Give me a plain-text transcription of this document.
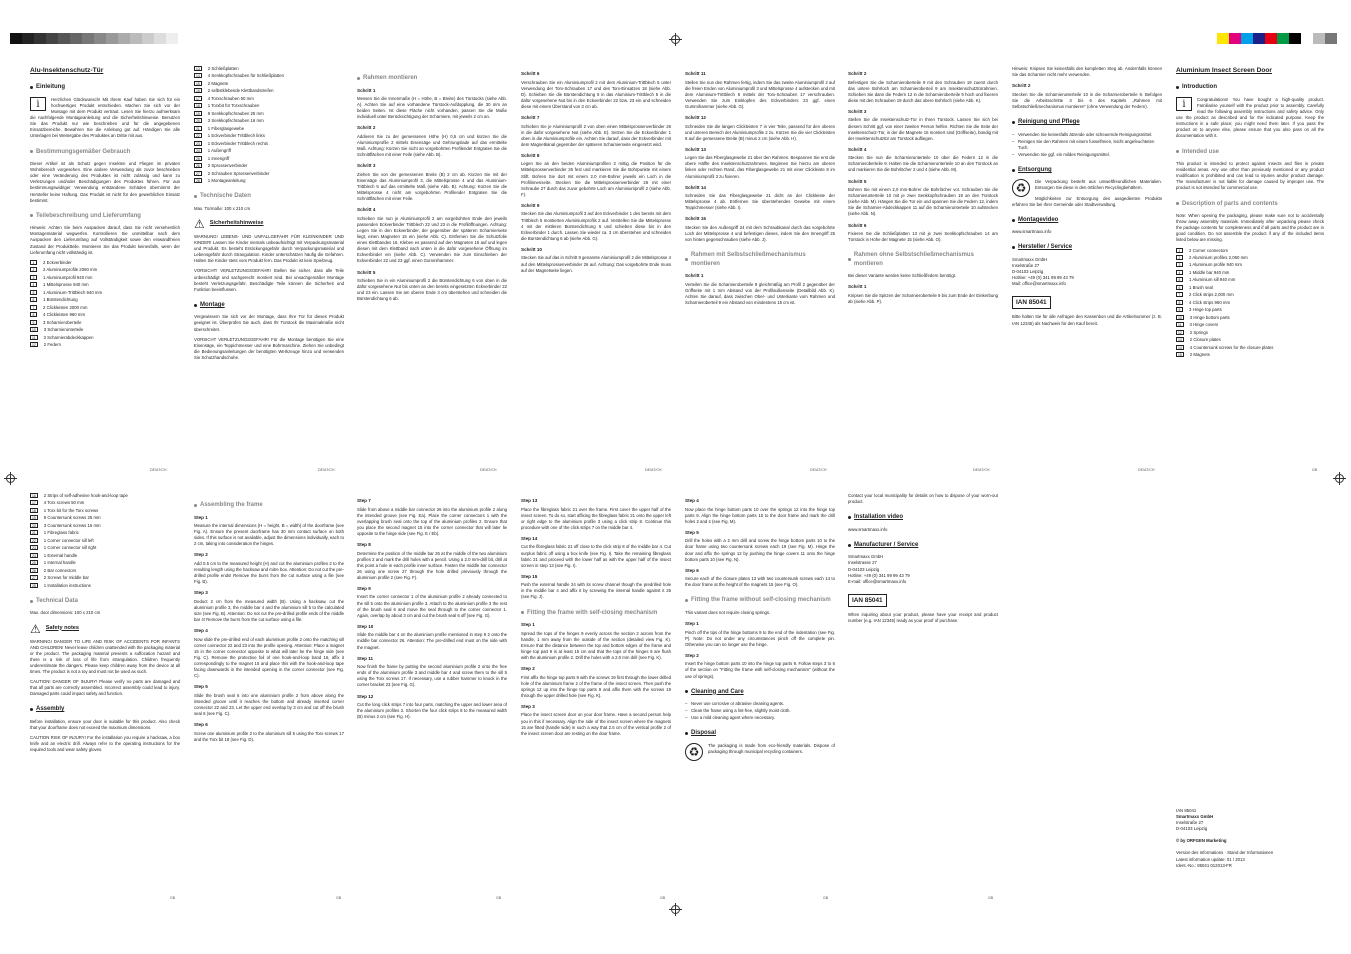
Alu-Insektenschutz-Tür
Einleitung
i	Herzlichen Glückwunsch! Mit Ihrem Kauf haben Sie sich für ein hochwertiges Produkt entschieden. Machen Sie sich vor der Montage mit dem Produkt vertraut. Lesen Sie hierzu aufmerksam die nachfolgende Montageanleitung und die Sicherheitshinweise. Benutzen Sie das Produkt nur wie beschrieben und für die angegebenen Einsatzbereiche. Bewahren Sie die Anleitung gut auf. Händigen Sie alle Unterlagen bei Weitergabe des Produktes an Dritte mit aus.

Bestimmungsgemäßer Gebrauch

Dieser Artikel ist als Schutz gegen Insekten und Fliegen im privaten Wohnbereich vorgesehen. Eine andere Verwendung als zuvor beschrieben oder eine Veränderung des Produktes ist nicht zulässig und kann zu Verletzungen und/oder Beschädigungen des Produktes führen. Für aus bestimmungswidriger Verwendung entstandene Schäden übernimmt der Hersteller keine Haftung. Das Produkt ist nicht für den gewerblichen Einsatz bestimmt.

Teilebeschreibung und Lieferumfang

Hinweis: Achten Sie beim Auspacken darauf, dass Sie nicht versehentlich Montagematerial wegwerfen. Kontrollieren Sie unmittelbar nach dem Auspacken den Lieferumfang auf Vollständigkeit sowie den einwandfreien Zustand der Produktteile. Montieren Sie das Produkt keinesfalls, wenn der Lieferumfang nicht vollständig ist.

1	2 Eckverbinder
2	2 Aluminiumprofile 2060 mm
3	1 Aluminiumprofil 940 mm
4	1 Mittelsprosse 940 mm
5	1 Aluminium-Trittblech 940 mm
6	1 Bürstendichtung
7	2 Clickleisten 2000 mm
8	4 Clickleisten 960 mm
9	3 Scharnieroberteile
10	3 Scharnierunterteile
11	3 Scharnierabdeckkappen
12	2 Federn
13	2 Schließplatten
14	4 Senkkopfschrauben für Schließplatten
15	2 Magnete
16	2 selbstklebende Klettbandstreifen
17	4 Torxschrauben 50 mm
18	1 Torxbit für Torxschrauben
19	9 Senkkopfschrauben 25 mm
20	3 Senkkopfschrauben 16 mm
21	1 Fiberglasgewebe
22	1 Eckverbinder Trittblech links
23	1 Eckverbinder Trittblech rechts
24	1 Außengriff
25	1 Innengriff
26	2 Sprossenverbinder
27	2 Schrauben Sprossenverbinder
28	1 Montageanleitung
Technische Daten

Max. Türmaße: 100 x 210 cm

⚠ Sicherheitshinweise

WARNUNG! LEBENS- UND UNFALLGEFAHR FÜR KLEINKINDER UND KINDER! Lassen Sie Kinder niemals unbeaufsichtigt mit Verpackungsmaterial und Produkt. Es besteht Erstickungsgefahr durch Verpackungsmaterial und Lebensgefahr durch Strangulation. Kinder unterschätzen häufig die Gefahren. Halten Sie Kinder stets vom Produkt fern. Das Produkt ist kein Spielzeug.

VORSICHT! VERLETZUNGSGEFAHR! Stellen Sie sicher, dass alle Teile unbeschädigt und sachgerecht montiert sind. Bei unsachgemäßer Montage besteht Verletzungsgefahr. Beschädigte Teile können die Sicherheit und Funktion beeinflussen.

Montage

Vergewissern Sie sich vor der Montage, dass Ihre Tür für dieses Produkt geeignet ist. Überprüfen Sie auch, dass Ihr Türstock die Maximalmaße nicht überschreitet.

VORSICHT VERLETZUNGSGEFAHR! Für die Montage benötigen Sie eine Eisensäge, ein Teppichmesser und eine Bohrmaschine. Ziehen Sie unbedingt die Bedienungsanleitungen der benötigten Werkzeuge hinzu und verwenden Sie Schutzhandschuhe.

Rahmen montieren
Schritt 1

Messen Sie die Innenmaße (H = Höhe, B = Breite) des Türstocks (siehe Abb. A). Achten Sie auf eine vorhandene Türstock-Aufdopplung, die 30 mm an beiden Seiten. Ist diese Fläche nicht vorhanden, passen Sie die Maße individuell unter Berücksichtigung der Scharniere, mit jeweils 2 cm an.

Schritt 2

Addieren Sie zu der gemessenen Höhe (H) 0,5 cm und kürzen Sie die Aluminiumprofile 2 mittels Eisensäge und Gehrungslade auf das ermittelte Maß. Achtung: Kürzen Sie nicht an vorgebohrten Profilende! Entgraten Sie die Schnittflächen mit einer Feile (siehe Abb. B).

Schritt 3

Ziehen Sie von der gemessenen Breite (B) 2 cm ab. Kürzen Sie mit der Eisensäge das Aluminiumprofil 3, die Mittelsprosse 4 und das Aluminium-Trittblech 5 auf das ermittelte Maß (siehe Abb. B). Achtung: Kürzen Sie die Mittelsprosse 4 nicht am vorgebohrten Profilende! Entgraten Sie die Schnittflächen mit einer Feile.

Schritt 4

Schieben Sie nun je Aluminiumprofil 2 am vorgebohrten Ende den jeweils passenden Eckverbinder Trittblech 22 und 23 in die Profilöffnungen. Achtung: Legen Sie in den Eckverbinder, der gegenüber der späteren Scharnierseite liegt, einen Magneten 15 ein (siehe Abb. C). Entfernen Sie die Schutzfolie eines Klettbandes 16. Kleben es passend auf den Magneten 15 auf und legen diesen mit dem Klettband nach unten in die dafür vorgesehene Öffnung im Eckverbinder ein (siehe Abb. C). Verwenden Sie zum Einschieben der Eckverbinder 22 und 23 ggf. einen Gummihammer.

Schritt 5

Schieben Sie in ein Aluminiumprofil 2 die Bürstendichtung 6 von oben in die dafür vorgesehene Nut bis unten an den bereits eingesetzten Eckverbinder 22 und 23 ein. Lassen Sie am oberen Ende 3 cm überstehen und schneiden die Bürstendichtung 6 ab.

Schritt 6

Verschrauben Sie ein Aluminiumprofil 2 mit dem Aluminium-Trittblech 5 unter Verwendung der Torx-Schrauben 17 und des Torx-Einsatzes 18 (siehe Abb. D). Schieben Sie die Bürstendichtung 6 in das Aluminium-Trittblech 5 in die dafür vorgesehene Nut bis in den Eckverbinder 22 bzw. 23 ein und schneiden diese mit einem Überstand von 3 cm ab.

Schritt 7

Schieben Sie je Aluminiumprofil 2 von oben einen Mittelsprossenverbinder 26 in die dafür vorgesehene Nut (siehe Abb. E). Setzen Sie die Eckverbinder 1 oben in die Aluminiumprofile ein. Achten Sie darauf, dass der Eckverbinder mit dem Magnetkanal gegenüber der späteren Scharnierseite eingesetzt wird.

Schritt 8

Legen Sie an den beiden Aluminiumprofilen 2 mittig die Position für die Mittelsprossenverbinder 26 fest und markieren Sie die Bohrpunkte mit einem Stift. Bohren Sie dort mit einem 2,0 mm-Bohrer jeweils ein Loch in die Profilinnenseite. Stecken Sie die Mittelsprossenverbinder 26 mit einer Schraube 27 durch das zuvor gebohrte Loch am Aluminiumprofil 2 (siehe Abb. F).

Schritt 9

Stecken Sie das Aluminiumprofil 3 auf den Eckverbinder 1 des bereits mit dem Trittblech 5 montierten Aluminiumprofils 2 auf. Verstellen Sie die Mittelsprosse 4 mit der mittleren Bürstendichtung 6 und schieben diese bis in den Eckverbinder 1 durch. Lassen Sie wieder ca. 3 cm überstehen und schneiden die Bürstendichtung 6 ab (siehe Abb. G).

Schritt 10

Stecken Sie auf das in Schritt 9 genannte Aluminiumprofil 2 die Mittelsprosse 4 auf den Mittelsprossenverbinder 26 auf. Achtung: Das vorgebohrte Ende muss auf der Magnetseite liegen.

Schritt 11

Stellen Sie nun den Rahmen fertig, indem Sie das zweite Aluminiumprofil 2 auf die freien Enden von Aluminiumprofil 3 und Mittelsprosse 4 aufstecken und mit dem Aluminium-Trittblech 5 mittels der Torx-Schrauben 17 verschrauben. Verwenden Sie zum Einklopfen des Eckverbinders 23 ggf. einen Gummihammer (siehe Abb. G).

Schritt 12

Schneiden Sie die langen Clickleisten 7 in vier Teile, passend für den oberen und unteren Bereich der Aluminiumprofile 2 zu. Kürzen Sie die vier Clickleisten 8 auf die gemessene Breite (B) minus 2 cm (siehe Abb. H).

Schritt 13

Legen Sie das Fiberglasgewebe 21 über den Rahmen. Bespannen Sie erst die obere Hälfte des Insektenschutzrahmens. Beginnen Sie hierzu am oberen linken oder rechten Rand, das Fiberglasgewebe 21 mit einer Clickleiste 8 im Aluminiumprofil 3 zu fixieren.

Schritt 14

Schneiden Sie das Fiberglasgewebe 21 dicht an der Clickleiste der Mittelsprosse 4 ab. Entfernen Sie überstehendes Gewebe mit einem Teppichmesser (siehe Abb. I).

Schritt 15

Stecken Sie den Außengriff 24 mit dem Schraubkanal durch das vorgebohrte Loch der Mittelsprosse 4 und befestigen dieses, indem Sie den Innengriff 25 von hinten gegenschrauben (siehe Abb. J).

Rahmen mit Selbstschließmechanismus montieren
Schritt 1

Verteilen Sie die Scharnieroberteile 9 gleichmäßig am Profil 2 gegenüber der Griffseite mit 1 mm Abstand von der Profilaußenseite (Detailbild Abb. K). Achten Sie darauf, dass zwischen Ober- und Unterkante vom Rahmen und Scharnieroberteil 9 ein Abstand von mindestens 15 cm ist.

Schritt 2

Befestigen Sie die Scharnieroberteile 9 mit den Schrauben 19 zuerst durch das untere Bohrloch am Scharnieroberteil 9 am Insektenschutztürrahmen. Schieben Sie dann die Federn 12 in die Scharnieroberteile 9 hoch und fixieren diese mit den Schrauben 19 durch das obere Bohrloch (siehe Abb. K).

Schritt 3

Stellen Sie die Insektenschutz-Tür in Ihren Türstock. Lassen Sie sich bei diesem Schritt ggf. von einer zweiten Person helfen. Richten Sie die Seite der Insektenschutz-Tür, in der die Magnete 15 montiert sind (Griffseite), bündig mit der Insektenschutztür am Türstock aufliegen.

Schritt 4

Stecken Sie nun die Scharnierunterteile 10 über die Federn 12 in die Scharnieroberteile 9. Halten Sie die Scharnierunterteile 10 an den Türstock an und markieren Sie die Bohrlöcher 2 und 4 (siehe Abb. M).

Schritt 5

Bohren Sie mit einem 2,0 mm-Bohrer die Bohrlöcher vor. Schrauben Sie die Scharnierunterteile 10 mit je zwei Senkkopfschrauben 19 an den Türstock (siehe Abb. M). Hängen Sie die Tür ein und spannen Sie die Federn 12, indem Sie die Scharnier-Abdeckkappen 11 auf die Scharnierunterteile 10 aufstecken (siehe Abb. N).

Schritt 6

Fixieren Sie die Schließplatten 13 mit je zwei Senkkopfschrauben 14 am Türstock in Höhe der Magnete 15 (siehe Abb. O).

Rahmen ohne Selbstschließmechanismus montieren

Bei dieser Variante werden keine Schließfedern benötigt.

Schritt 1

Knipsen Sie die Spitzen der Scharnieroberteile 9 bis zum Ende der Einkerbung ab (siehe Abb. P).

Hinweis: Knipsen Sie keinesfalls den kompletten Steg ab. Andernfalls können Sie das Scharnier nicht mehr verwenden.

Schritt 2

Stecken Sie die Scharnierunterteile 10 in die Scharnieroberteile 9. Befolgen Sie die Arbeitsschritte 3 bis 6 des Kapitels „Rahmen mit Selbstschließmechanismus montieren“ (ohne Verwendung der Federn).

Reinigung und Pflege
– Verwenden Sie keinesfalls ätzende oder scheuernde Reinigungsmittel.
– Reinigen Sie den Rahmen mit einem fusselfreien, leicht angefeuchteten Tuch.
– Verwenden Sie ggf. ein mildes Reinigungsmittel.
Entsorgung
♻	Die Verpackung besteht aus umweltfreundlichen Materialien. Entsorgen Sie diese in den örtlichen Recyclingbehältern.

Möglichkeiten zur Entsorgung des ausgedienten Produkts erfahren Sie bei Ihrer Gemeinde oder Stadtverwaltung.

Montagevideo

www.smartmaxx.info

Hersteller / Service

Smartmaxx GmbH
Inselstraße 27
D-04103 Leipzig
Hotline: +49 (0) 341 99 99 43 79
Mail: office@smartmaxx.info

IAN 85041

Bitte halten Sie für alle Anfragen den Kassenbon und die Artikelnummer (z. B. IAN 12345) als Nachweis für den Kauf bereit.

Aluminium Insect Screen Door
Introduction
i	Congratulations! You have bought a high-quality product. Familiarise yourself with the product prior to assembly. Carefully read the following assembly instructions and safety advice. Only use the product as described and for the indicated purpose. Keep the instructions in a safe place; you might need them later. If you pass the product on to anyone else, please ensure that you also pass on all the documentation with it.

Intended use

This product is intended to protect against insects and flies in private residential areas. Any use other than previously mentioned or any product modification is prohibited and can lead to injuries and/or product damage. The manufacturer is not liable for damage caused by improper use. The product is not intended for commercial use.

Description of parts and contents

Note: When opening the packaging, please make sure not to accidentally throw away assembly materials. Immediately after unpacking please check the package contents for completeness and if all parts and the product are in good condition. Do not assemble the product if any of the included items listed below are missing.

1	2 Corner connectors
2	2 Aluminium profiles 2,060 mm
3	1 Aluminium profile 940 mm
4	1 Middle bar 940 mm
5	1 Aluminium sill 940 mm
6	1 Brush seal
7	2 Click strips 2,000 mm
8	4 Click strips 960 mm
9	3 Hinge top parts
10	3 Hinge bottom parts
11	3 Hinge covers
12	2 Springs
13	2 Closure plates
14	4 Countersunk screws for the closure plates
15	2 Magnets
DE/AT/CH	DE/AT/CH	DE/AT/CH	DE/AT/CH	DE/AT/CH	DE/AT/CH	DE/AT/CH	GB
16	2 Strips of self-adhesive hook-and-loop tape
17	4 Torx screws 50 mm
18	1 Torx bit for the Torx screws
19	9 Countersunk screws 25 mm
20	3 Countersunk screws 16 mm
21	1 Fibreglass fabric
22	1 Corner connector sill left
23	1 Corner connector sill right
24	1 External handle
25	1 Internal handle
26	2 Bar connectors
27	2 Screws for middle bar
28	1 Installation instructions
Technical Data

Max. door dimensions: 100 x 210 cm

⚠ Safety notes

WARNING! DANGER TO LIFE AND RISK OF ACCIDENTS FOR INFANTS AND CHILDREN! Never leave children unattended with the packaging material or the product. The packaging material presents a suffocation hazard and there is a risk of loss of life from strangulation. Children frequently underestimate the dangers. Please keep children away from the device at all times. The product is not a toy and must not be used as such.

CAUTION! DANGER OF INJURY! Please verify no parts are damaged and that all parts are correctly assembled. Incorrect assembly could lead to injury. Damaged parts could impact safety and function.

Assembly

Before installation, ensure your door is suitable for this product. Also check that your doorframe does not exceed the maximum dimensions.

CAUTION RISK OF INJURY! For the installation you require a hacksaw, a box knife and an electric drill. Always refer to the operating instructions for the required tools and wear safety gloves.

Assembling the frame
Step 1

Measure the internal dimensions (H = height, B = width) of the doorframe (see Fig. A). Ensure the present doorframe has 30 mm contact surface on both sides. If this surface is not available, adjust the dimensions individually, each to 2 cm, taking into consideration the hinges.

Step 2

Add 0.5 cm to the measured height (H) and cut the aluminium profiles 2 to the resulting length using the hacksaw and mitre box. Attention: Do not cut the pre-drilled profile ends! Remove the burrs from the cut surface using a file (see Fig. B).

Step 3

Deduct 2 cm from the measured width (B). Using a hacksaw, cut the aluminium profile 3, the middle bar 4 and the aluminium sill 5 to the calculated size (see Fig. B). Attention: Do not cut the pre-drilled profile ends of the middle bar 4! Remove the burrs from the cut surface using a file.

Step 4

Now slide the pre-drilled end of each aluminium profile 2 onto the matching sill corner connector 22 and 23 into the profile opening. Attention: Place a magnet 15 in the corner connector opposite to what will later be the hinge side (see Fig. C). Remove the protective foil of one hook-and-loop band 16, affix it correspondingly to the magnet 15 and place this with the hook-and-loop tape facing downwards in the intended opening in the corner connector (see Fig. C).

Step 5

Slide the brush seal 6 into one aluminium profile 2 from above along the intended groove until it reaches the bottom and already inserted corner connector 22 and 23. Let the upper end overlap by 3 cm and cut off the brush seal 6 (see Fig. C).

Step 6

Screw one aluminium profile 2 to the aluminium sill 5 using the Torx screws 17 and the Torx bit 18 (see Fig. D).

Step 7

Slide from above a middle bar connector 26 into the aluminium profile 2 along the intended groove (see Fig. Ea). Place the corner connectors 1 with the overlapping brush seal onto the top of the aluminium profiles 2. Ensure that you place the second magnet 15 into the corner connector that will later lie opposite to the hinge side (see Fig. E / Eb).

Step 8

Determine the position of the middle bar 26 at the middle of the two aluminium profiles 2 and mark the drill holes with a pencil. Using a 2.0 mm-drill bit, drill at this point a hole in each profile inner surface. Fasten the middle bar connector 26 using one screw 27 through the hole drilled previously through the aluminium profile 2 (see Fig. F).

Step 9

Insert the corner connector 1 of the aluminium profile 2 already connected to the sill 5 onto the aluminium profile 3. Attach to the aluminium profile 3 the rest of the brush seal 6 and move the seal through to the corner connector 1. Again, overlap by about 3 cm and cut the brush seal 6 off (see Fig. G).

Step 10

Slide the middle bar 4 on the aluminium profile mentioned in step 9 2 onto the middle bar connector 26. Attention: The pre-drilled end must on the side with the magnet.

Step 11

Now finish the frame by putting the second aluminium profile 2 onto the free ends of the aluminium profile 3 and middle bar 4 and screw them to the sill 5 using the Torx screws 17. If necessary, use a rubber hammer to knock in the corner bracket 23 (see Fig. G).

Step 12

Cut the long click strips 7 into four parts, matching the upper and lower area of the aluminium profiles 2. Shorten the four click strips 8 to the measured width (B) minus 2 cm (see Fig. H).

Step 13

Place the fibreglass fabric 21 over the frame. First cover the upper half of the insect screen. To do so, start affixing the fibreglass fabric 21 onto the upper left or right edge to the aluminium profile 3 using a click strip 8. Continue this procedure with one of the click strips 7 on the middle bar 4.

Step 14

Cut the fibreglass fabric 21 off close to the click strip 8 of the middle bar 4. Cut surplus fabric off using a box knife (see Fig. I). Take the remaining fibreglass fabric 21 and proceed with the lower half as with the upper half of the insect screen in step 13 (see Fig. I).

Step 15

Push the external handle 24 with its screw channel though the predrilled hole in the middle bar 4 and affix it by screwing the internal handle against it 25 (see Fig. J).

Fitting the frame with self-closing mechanism
Step 1

Spread the tops of the hinges 9 evenly across the section 2 across from the handle, 1 mm away from the outside of the section (detailed view Fig. K). Ensure that the distance between the top and bottom edges of the frame and hinge top part 9 is at least 15 cm and that the tops of the hinges 9 are flush with the aluminium profile 2. Drill the holes with a 2.0 mm drill (see Fig. K).

Step 2

First affix the hinge top parts 9 with the screws 19 first through the lower drilled hole of the aluminium frame 2 of the frame of the insect screen. Then push the springs 12 up into the hinge top parts 9 and affix them with the screws 19 through the upper drilled hole (see Fig. K).

Step 3

Place the insect screen door on your door frame. Have a second person help you in this if necessary. Align the side of the insect screen where the magnets 15 are fitted (handle side) in such a way that 2.5 cm of the vertical profile 2 of the insect screen door are resting on the door frame.

Step 4

Now place the hinge bottom parts 10 over the springs 12 into the hinge top parts 9. Align the hinge bottom parts 10 to the door frame and mark the drill holes 2 and 4 (see Fig. M).

Step 5

Drill the holes with a 2 mm drill and screw the hinge bottom parts 10 to the door frame using two countersunk screws each 19 (see Fig. M). Hinge the door and affix the springs 12 by pushing the hinge covers 11 onto the hinge bottom parts 10 (see Fig. N).

Step 6

Secure each of the closure plates 13 with two countersunk screws each 14 to the door frame at the height of the magnets 15 (see Fig. O).

Fitting the frame without self-closing mechanism

This variant does not require closing springs.

Step 1

Pinch off the tips of the hinge bottoms 9 to the end of the indentation (see Fig. P). Note: Do not under any circumstances pinch off the complete pin. Otherwise you can no longer use the hinge.

Step 2

Insert the hinge bottom parts 10 into the hinge top parts 9. Follow steps 3 to 6 of the section on "Fitting the frame with self-closing mechanism" (without the use of springs).

Cleaning and Care
– Never use corrosive or abrasive cleaning agents.
– Clean the frame using a lint-free, slightly moist cloth.
– Use a mild cleaning agent where necessary.
Disposal
♻	The packaging is made from eco-friendly materials. Dispose of packaging through municipal recycling containers.

Contact your local municipality for details on how to dispose of your worn-out product.

Installation video

www.smartmaxx.info

Manufacturer / Service

Smartmaxx GmbH
Inselstrasse 27
D-04103 Leipzig
Hotline: +49 (0) 341 99 99 43 79
E-mail: office@smartmaxx.info

IAN 85041

When inquiring about your product, please have your receipt and product number (e.g. IAN 12345) ready as your proof of purchase.

IAN 85041

Smartmaxx GmbH

Inselstraße 27
D-04103 Leipzig

© by ORFGEN Marketing

Version des Informations · Stand der Informationen
Latest information update: 01 / 2013
Ident.-No.: 85041 012013-FR

GB	GB	GB	GB	GB	GB
